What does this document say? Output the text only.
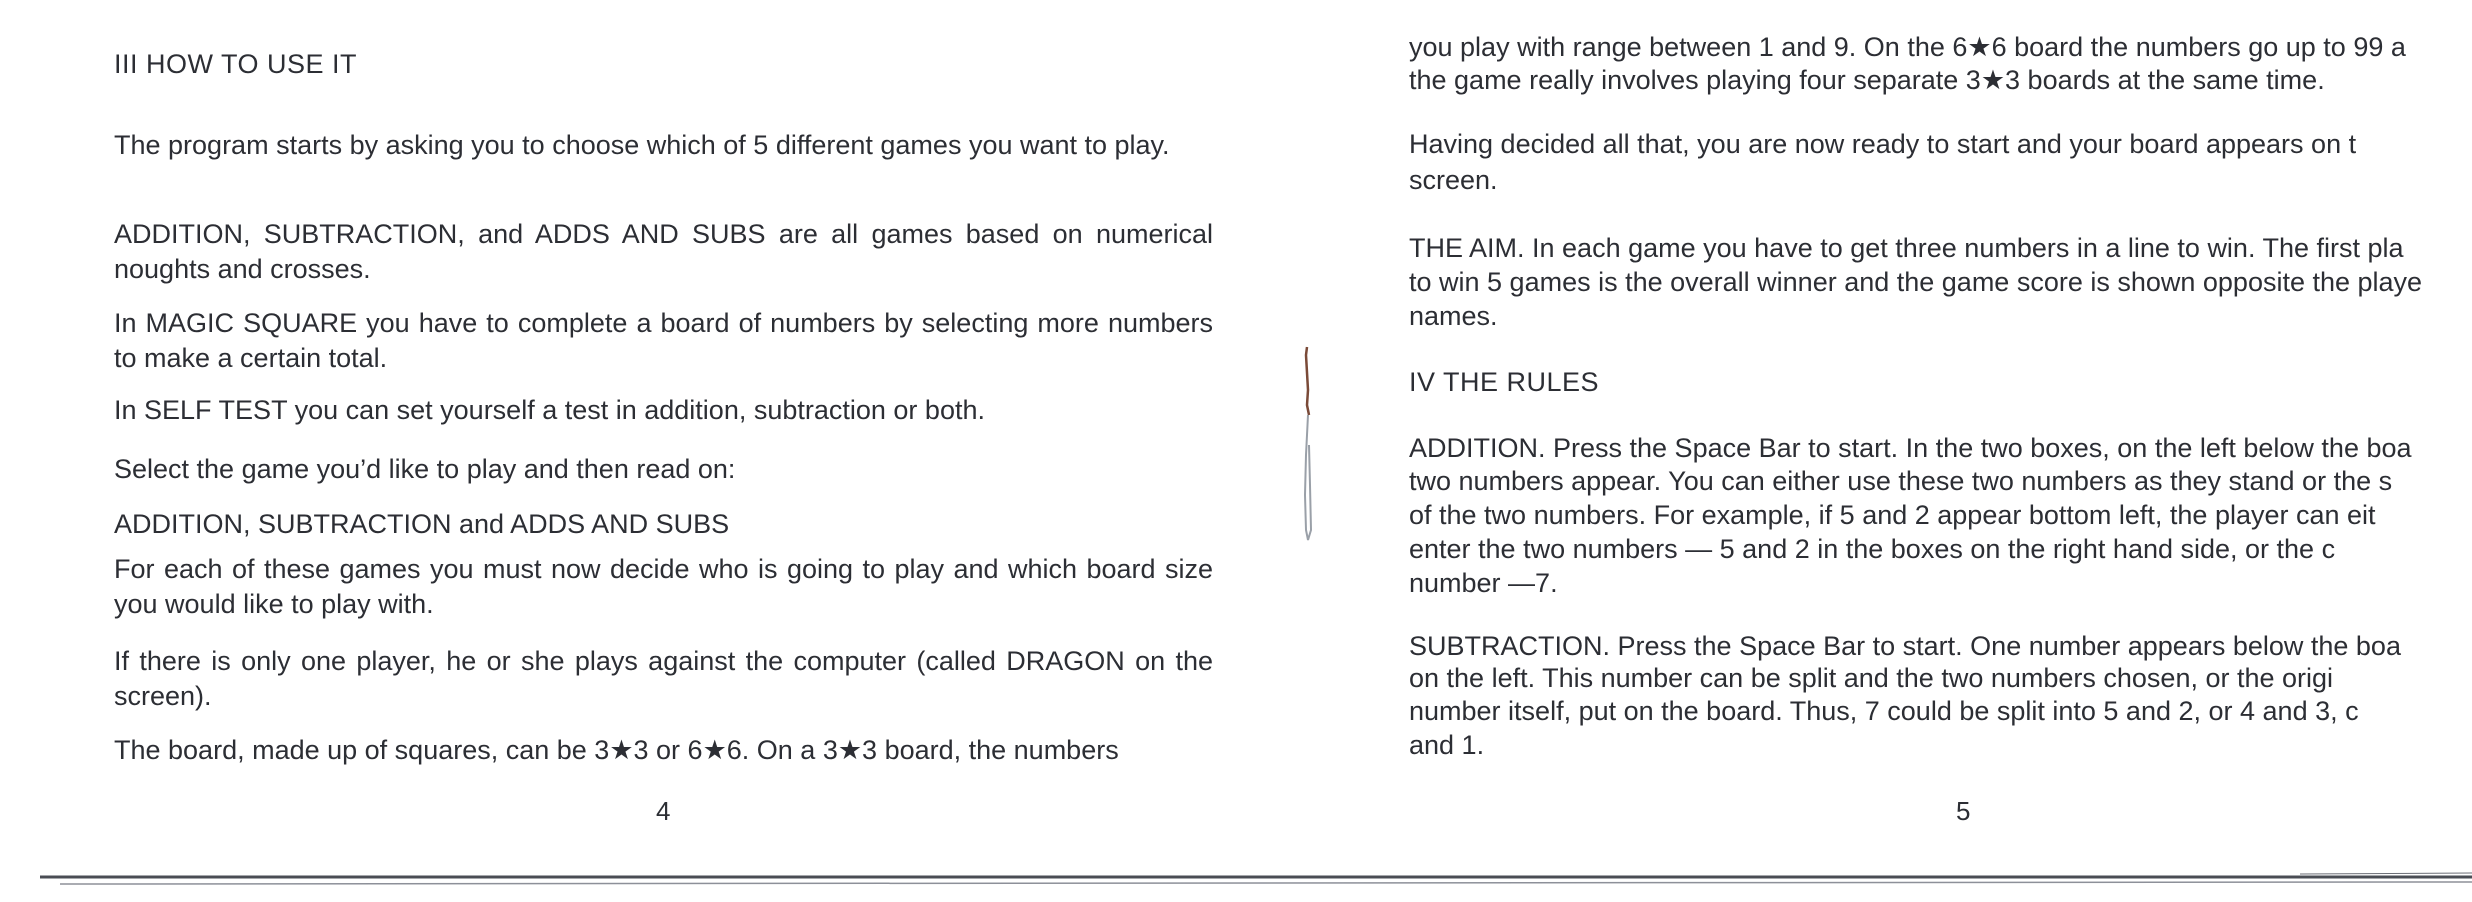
III HOW TO USE IT
The program starts by asking you to choose which of 5 different games you want to play.
ADDITION, SUBTRACTION, and ADDS AND SUBS are all games based on numerical noughts and crosses.
In MAGIC SQUARE you have to complete a board of numbers by selecting more numbers to make a certain total.
In SELF TEST you can set yourself a test in addition, subtraction or both.
Select the game you’d like to play and then read on:
ADDITION, SUBTRACTION and ADDS AND SUBS
For each of these games you must now decide who is going to play and which board size you would like to play with.
If there is only one player, he or she plays against the computer (called DRAGON on the screen).
The board, made up of squares, can be 3★3 or 6★6. On a 3★3 board, the numbers
4
you play with range between 1 and 9. On the 6★6 board the numbers go up to 99 a
the game really involves playing four separate 3★3 boards at the same time.
Having decided all that, you are now ready to start and your board appears on t
screen.
THE AIM. In each game you have to get three numbers in a line to win. The first pla
to win 5 games is the overall winner and the game score is shown opposite the playe
names.
IV THE RULES
ADDITION. Press the Space Bar to start. In the two boxes, on the left below the boa
two numbers appear. You can either use these two numbers as they stand or the s
of the two numbers. For example, if 5 and 2 appear bottom left, the player can eit
enter the two numbers — 5 and 2 in the boxes on the right hand side, or the c
number —7.
SUBTRACTION. Press the Space Bar to start. One number appears below the boa
on the left. This number can be split and the two numbers chosen, or the origi
number itself, put on the board. Thus, 7 could be split into 5 and 2, or 4 and 3, c
and 1.
5
